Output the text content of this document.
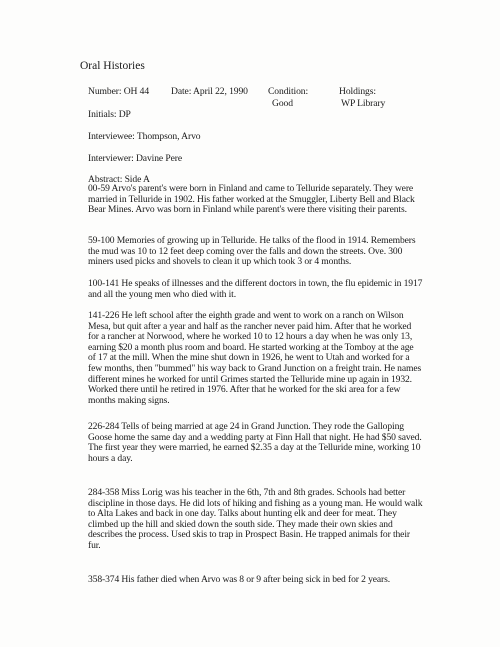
Oral Histories
Number: OH 44 Date: April 22, 1990 Condition:
Good
Holdings:
WP Library
Initials: DP
Interviewee: Thompson, Arvo
Interviewer: Davine Pere
Abstract: Side A
00-59 Arvo's parent's were born in Finland and came to Telluride separately. They were
married in Telluride in 1902. His father worked at the Smuggler, Liberty Bell and Black
Bear Mines. Arvo was born in Finland while parent's were there visiting their parents.
59-100 Memories of growing up in Telluride. He talks of the flood in 1914. Remembers
the mud was 10 to 12 feet deep coming over the falls and down the streets. Ove. 300
miners used picks and shovels to clean it up which took 3 or 4 months.
100-141 He speaks of illnesses and the different doctors in town, the flu epidemic in 1917
and all the young men who died with it.
141-226 He left school after the eighth grade and went to work on a ranch on Wilson
Mesa, but quit after a year and half as the rancher never paid him. After that he worked
for a rancher at Norwood, where he worked 10 to 12 hours a day when he was only 13,
earning $20 a month plus room and board. He started working at the Tomboy at the age
of 17 at the mill. When the mine shut down in 1926, he went to Utah and worked for a
few months, then "bummed" his way back to Grand Junction on a freight train. He names
different mines he worked for until Grimes started the Telluride mine up again in 1932.
Worked there until he retired in 1976. After that he worked for the ski area for a few
months making signs.
226-284 Tells of being married at age 24 in Grand Junction. They rode the Galloping
Goose home the same day and a wedding party at Finn Hall that night. He had $50 saved.
The first year they were married, he earned $2.35 a day at the Telluride mine, working 10
hours a day.
284-358 Miss Lorig was his teacher in the 6th, 7th and 8th grades. Schools had better
discipline in those days. He did lots of hiking and fishing as a young man. He would walk
to Alta Lakes and back in one day. Talks about hunting elk and deer for meat. They
climbed up the hill and skied down the south side. They made their own skies and
describes the process. Used skis to trap in Prospect Basin. He trapped animals for their
fur.
358-374 His father died when Arvo was 8 or 9 after being sick in bed for 2 years.
